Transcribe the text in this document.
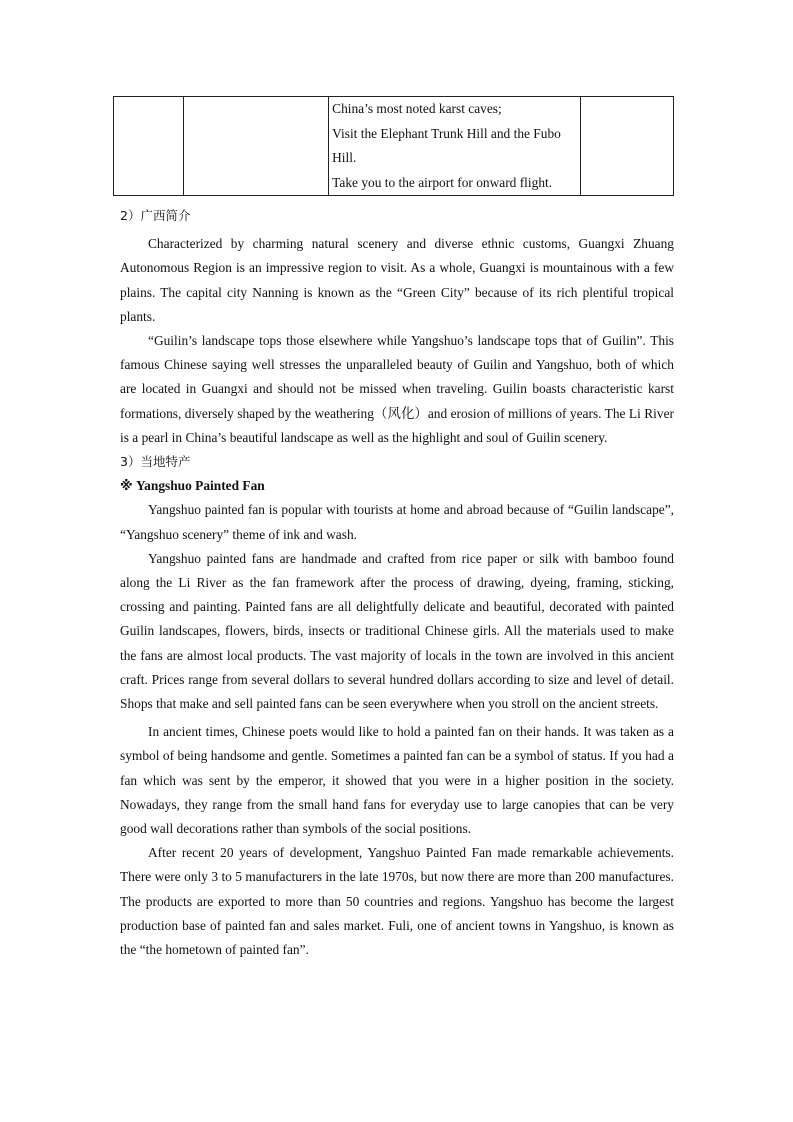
China’s most noted karst caves;
Visit the Elephant Trunk Hill and the Fubo
Hill.
Take you to the airport for onward flight.

2）广西简介

Characterized by charming natural scenery and diverse ethnic customs, Guangxi Zhuang Autonomous Region is an impressive region to visit. As a whole, Guangxi is mountainous with a few plains. The capital city Nanning is known as the “Green City” because of its rich plentiful tropical plants.

“Guilin’s landscape tops those elsewhere while Yangshuo’s landscape tops that of Guilin”. This famous Chinese saying well stresses the unparalleled beauty of Guilin and Yangshuo, both of which are located in Guangxi and should not be missed when traveling. Guilin boasts characteristic karst formations, diversely shaped by the weathering（风化）and erosion of millions of years. The Li River is a pearl in China’s beautiful landscape as well as the highlight and soul of Guilin scenery.

3）当地特产
※ Yangshuo Painted Fan

Yangshuo painted fan is popular with tourists at home and abroad because of “Guilin landscape”, “Yangshuo scenery” theme of ink and wash.

Yangshuo painted fans are handmade and crafted from rice paper or silk with bamboo found along the Li River as the fan framework after the process of drawing, dyeing, framing, sticking, crossing and painting. Painted fans are all delightfully delicate and beautiful, decorated with painted Guilin landscapes, flowers, birds, insects or traditional Chinese girls. All the materials used to make the fans are almost local products. The vast majority of locals in the town are involved in this ancient craft. Prices range from several dollars to several hundred dollars according to size and level of detail. Shops that make and sell painted fans can be seen everywhere when you stroll on the ancient streets.

In ancient times, Chinese poets would like to hold a painted fan on their hands. It was taken as a symbol of being handsome and gentle. Sometimes a painted fan can be a symbol of status. If you had a fan which was sent by the emperor, it showed that you were in a higher position in the society. Nowadays, they range from the small hand fans for everyday use to large canopies that can be very good wall decorations rather than symbols of the social positions.

After recent 20 years of development, Yangshuo Painted Fan made remarkable achievements. There were only 3 to 5 manufacturers in the late 1970s, but now there are more than 200 manufactures. The products are exported to more than 50 countries and regions. Yangshuo has become the largest production base of painted fan and sales market. Fuli, one of ancient towns in Yangshuo, is known as the “the hometown of painted fan”.
